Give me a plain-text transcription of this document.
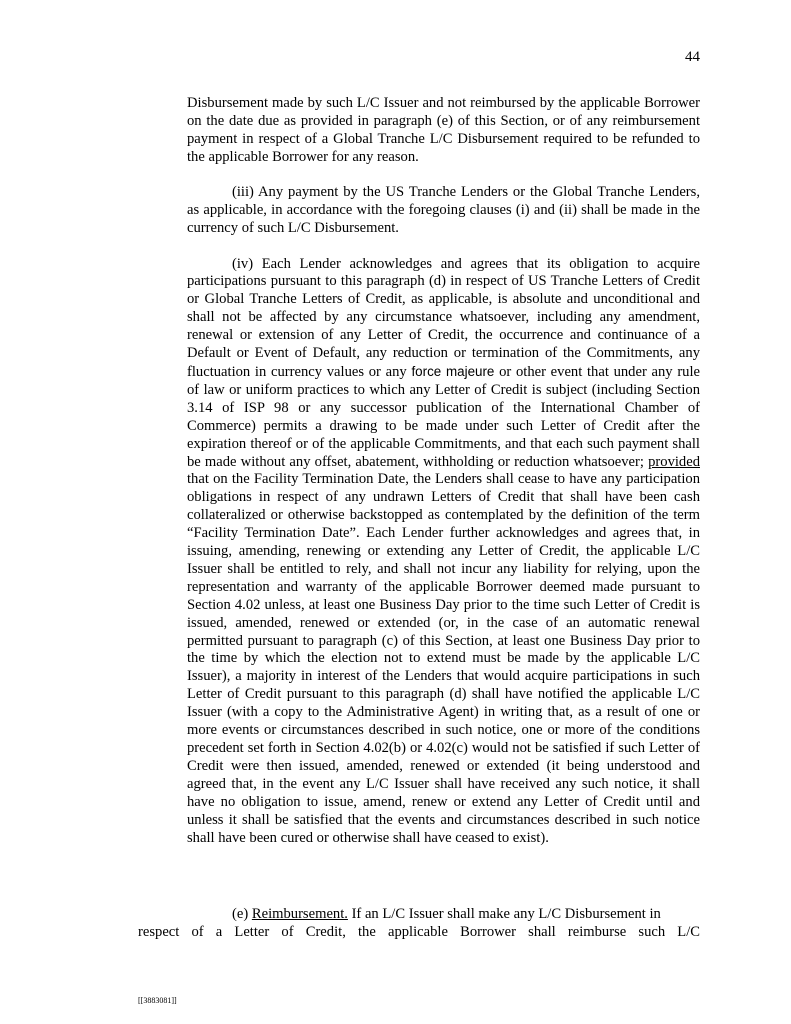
44

Disbursement made by such L/C Issuer and not reimbursed by the applicable Borrower on the date due as provided in paragraph (e) of this Section, or of any reimbursement payment in respect of a Global Tranche L/C Disbursement required to be refunded to the applicable Borrower for any reason.

(iii) Any payment by the US Tranche Lenders or the Global Tranche Lenders, as applicable, in accordance with the foregoing clauses (i) and (ii) shall be made in the currency of such L/C Disbursement.

(iv) Each Lender acknowledges and agrees that its obligation to acquire participations pursuant to this paragraph (d) in respect of US Tranche Letters of Credit or Global Tranche Letters of Credit, as applicable, is absolute and unconditional and shall not be affected by any circumstance whatsoever, including any amendment, renewal or extension of any Letter of Credit, the occurrence and continuance of a Default or Event of Default, any reduction or termination of the Commitments, any fluctuation in currency values or any force majeure or other event that under any rule of law or uniform practices to which any Letter of Credit is subject (including Section 3.14 of ISP 98 or any successor publication of the International Chamber of Commerce) permits a drawing to be made under such Letter of Credit after the expiration thereof or of the applicable Commitments, and that each such payment shall be made without any offset, abatement, withholding or reduction whatsoever; provided that on the Facility Termination Date, the Lenders shall cease to have any participation obligations in respect of any undrawn Letters of Credit that shall have been cash collateralized or otherwise backstopped as contemplated by the definition of the term “Facility Termination Date”. Each Lender further acknowledges and agrees that, in issuing, amending, renewing or extending any Letter of Credit, the applicable L/C Issuer shall be entitled to rely, and shall not incur any liability for relying, upon the representation and warranty of the applicable Borrower deemed made pursuant to Section 4.02 unless, at least one Business Day prior to the time such Letter of Credit is issued, amended, renewed or extended (or, in the case of an automatic renewal permitted pursuant to paragraph (c) of this Section, at least one Business Day prior to the time by which the election not to extend must be made by the applicable L/C Issuer), a majority in interest of the Lenders that would acquire participations in such Letter of Credit pursuant to this paragraph (d) shall have notified the applicable L/C Issuer (with a copy to the Administrative Agent) in writing that, as a result of one or more events or circumstances described in such notice, one or more of the conditions precedent set forth in Section 4.02(b) or 4.02(c) would not be satisfied if such Letter of Credit were then issued, amended, renewed or extended (it being understood and agreed that, in the event any L/C Issuer shall have received any such notice, it shall have no obligation to issue, amend, renew or extend any Letter of Credit until and unless it shall be satisfied that the events and circumstances described in such notice shall have been cured or otherwise shall have ceased to exist).

(e) Reimbursement. If an L/C Issuer shall make any L/C Disbursement in

respect of a Letter of Credit, the applicable Borrower shall reimburse such L/C

[[3883081]]
